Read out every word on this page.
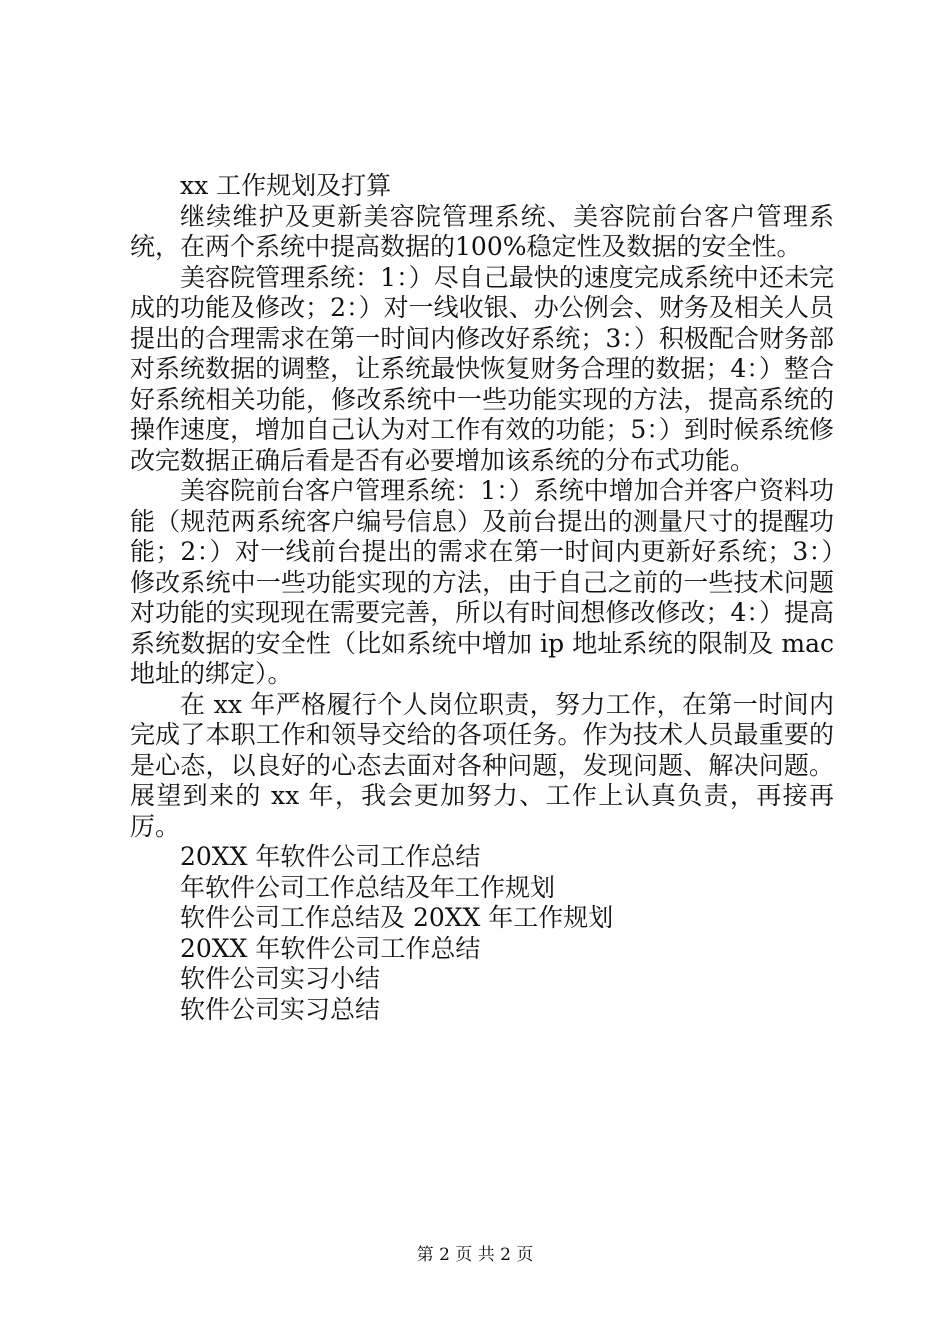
xx 工作规划及打算

继续维护及更新美容院管理系统、美容院前台客户管理系统，在两个系统中提高数据的100%稳定性及数据的安全性。

美容院管理系统：1：）尽自己最快的速度完成系统中还未完成的功能及修改；2：）对一线收银、办公例会、财务及相关人员提出的合理需求在第一时间内修改好系统；3：）积极配合财务部对系统数据的调整，让系统最快恢复财务合理的数据；4：）整合好系统相关功能，修改系统中一些功能实现的方法，提高系统的操作速度，增加自己认为对工作有效的功能；5：）到时候系统修改完数据正确后看是否有必要增加该系统的分布式功能。

美容院前台客户管理系统：1：）系统中增加合并客户资料功能（规范两系统客户编号信息）及前台提出的测量尺寸的提醒功能；2：）对一线前台提出的需求在第一时间内更新好系统；3：）修改系统中一些功能实现的方法，由于自己之前的一些技术问题对功能的实现现在需要完善，所以有时间想修改修改；4：）提高系统数据的安全性（比如系统中增加 ip 地址系统的限制及 mac 地址的绑定）。

在 xx 年严格履行个人岗位职责，努力工作，在第一时间内完成了本职工作和领导交给的各项任务。作为技术人员最重要的是心态，以良好的心态去面对各种问题，发现问题、解决问题。展望到来的 xx 年，我会更加努力、工作上认真负责，再接再厉。

20XX 年软件公司工作总结

年软件公司工作总结及年工作规划

软件公司工作总结及 20XX 年工作规划

20XX 年软件公司工作总结

软件公司实习小结

软件公司实习总结

第 2 页 共 2 页
